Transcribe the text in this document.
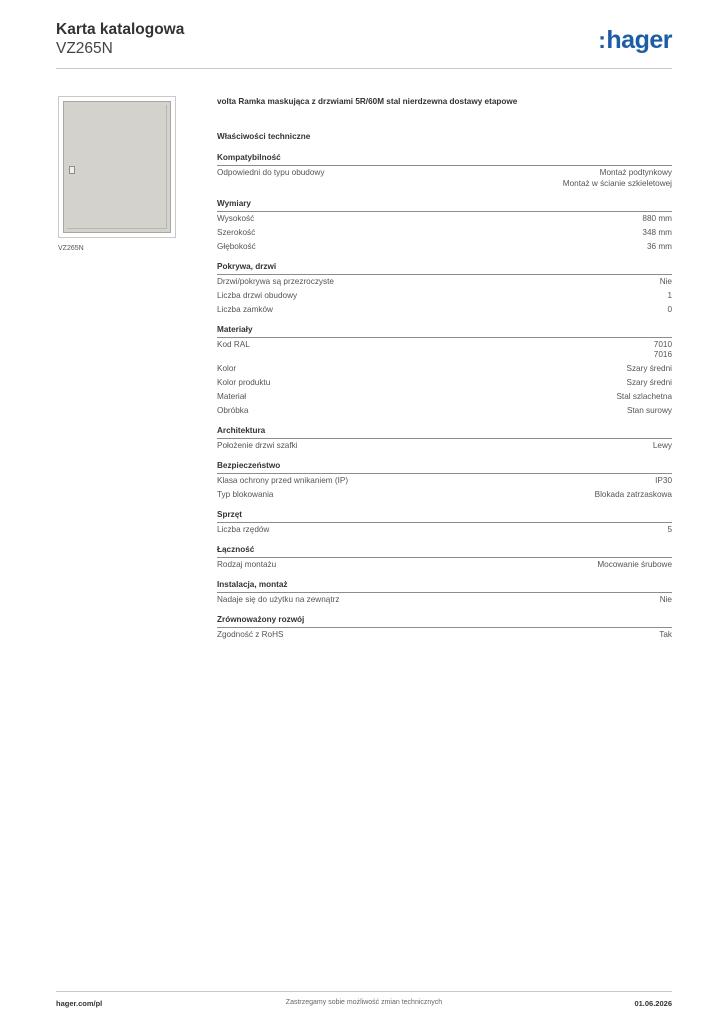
Karta katalogowa
VZ265N	:hager
VZ265N
volta Ramka maskująca z drzwiami 5R/60M stal nierdzewna dostawy etapowe
Właściwości techniczne
Kompatybilność
Odpowiedni do typu obudowy	Montaż podtynkowy
Montaż w ścianie szkieletowej
Wymiary
Wysokość	880 mm
Szerokość	348 mm
Głębokość	36 mm
Pokrywa, drzwi
Drzwi/pokrywa są przezroczyste	Nie
Liczba drzwi obudowy	1
Liczba zamków	0
Materiały
Kod RAL	7010
7016
Kolor	Szary średni
Kolor produktu	Szary średni
Materiał	Stal szlachetna
Obróbka	Stan surowy
Architektura
Położenie drzwi szafki	Lewy
Bezpieczeństwo
Klasa ochrony przed wnikaniem (IP)	IP30
Typ blokowania	Blokada zatrzaskowa
Sprzęt
Liczba rzędów	5
Łączność
Rodzaj montażu	Mocowanie śrubowe
Instalacja, montaż
Nadaje się do użytku na zewnątrz	Nie
Zrównoważony rozwój
Zgodność z RoHS	Tak
hager.com/pl	Zastrzegamy sobie możliwość zmian technicznych	01.06.2026
